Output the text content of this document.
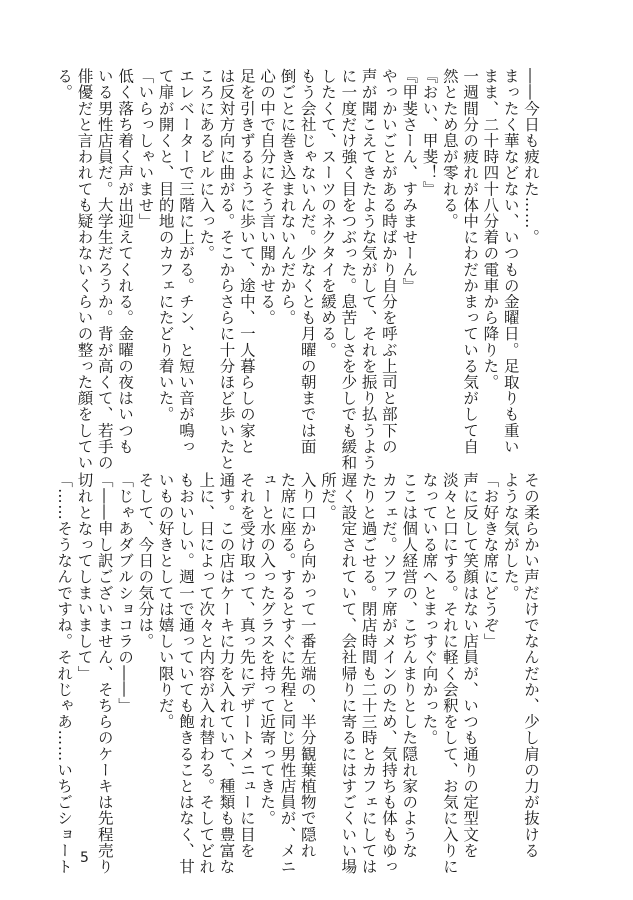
――今日も疲れた……。
まったく華などない、いつもの金曜日。足取りも重い
まま、二十時四十八分着の電車から降りた。
一週間分の疲れが体中にわだかまっている気がして自
然とため息が零れる。
『おい、甲斐！』
『甲斐さーん、すみませーん』
やっかいごとがある時ばかり自分を呼ぶ上司と部下の
声が聞こえてきたような気がして、それを振り払うよう
に一度だけ強く目をつぶった。息苦しさを少しでも緩和
したくて、スーツのネクタイを緩める。
もう会社じゃないんだ。少なくとも月曜の朝までは面
倒ごとに巻き込まれないんだから。
心の中で自分にそう言い聞かせる。
足を引きずるように歩いて、途中、一人暮らしの家と
は反対方向に曲がる。そこからさらに十分ほど歩いたと
ころにあるビルに入った。
エレベーターで三階に上がる。チン、と短い音が鳴っ
て扉が開くと、目的地のカフェにたどり着いた。
「いらっしゃいませ」
低く落ち着く声が出迎えてくれる。金曜の夜はいつも
いる男性店員だ。大学生だろうか。背が高くて、若手の
俳優だと言われても疑わないくらいの整った顔をしてい
る。
その柔らかい声だけでなんだか、少し肩の力が抜ける
ような気がした。
「お好きな席にどうぞ」
声に反して笑顔はない店員が、いつも通りの定型文を
淡々と口にする。それに軽く会釈をして、お気に入りに
なっている席へとまっすぐ向かった。
ここは個人経営の、こぢんまりとした隠れ家のような
カフェだ。ソファ席がメインのため、気持ちも体もゆっ
たりと過ごせる。閉店時間も二十三時とカフェにしては
遅く設定されていて、会社帰りに寄るにはすごくいい場
所だ。
入り口から向かって一番左端の、半分観葉植物で隠れ
た席に座る。するとすぐに先程と同じ男性店員が、メニ
ューと水の入ったグラスを持って近寄ってきた。
それを受け取って、真っ先にデザートメニューに目を
通す。この店はケーキに力を入れていて、種類も豊富な
上に、日によって次々と内容が入れ替わる。そしてどれ
もおいしい。週一で通っていても飽きることはなく、甘
いもの好きとしては嬉しい限りだ。
そして、今日の気分は。
「じゃあダブルショコラの――」
「――申し訳ございません、そちらのケーキは先程売り
切れとなってしまいまして」
「……そうなんですね。それじゃあ……いちごショート 5
